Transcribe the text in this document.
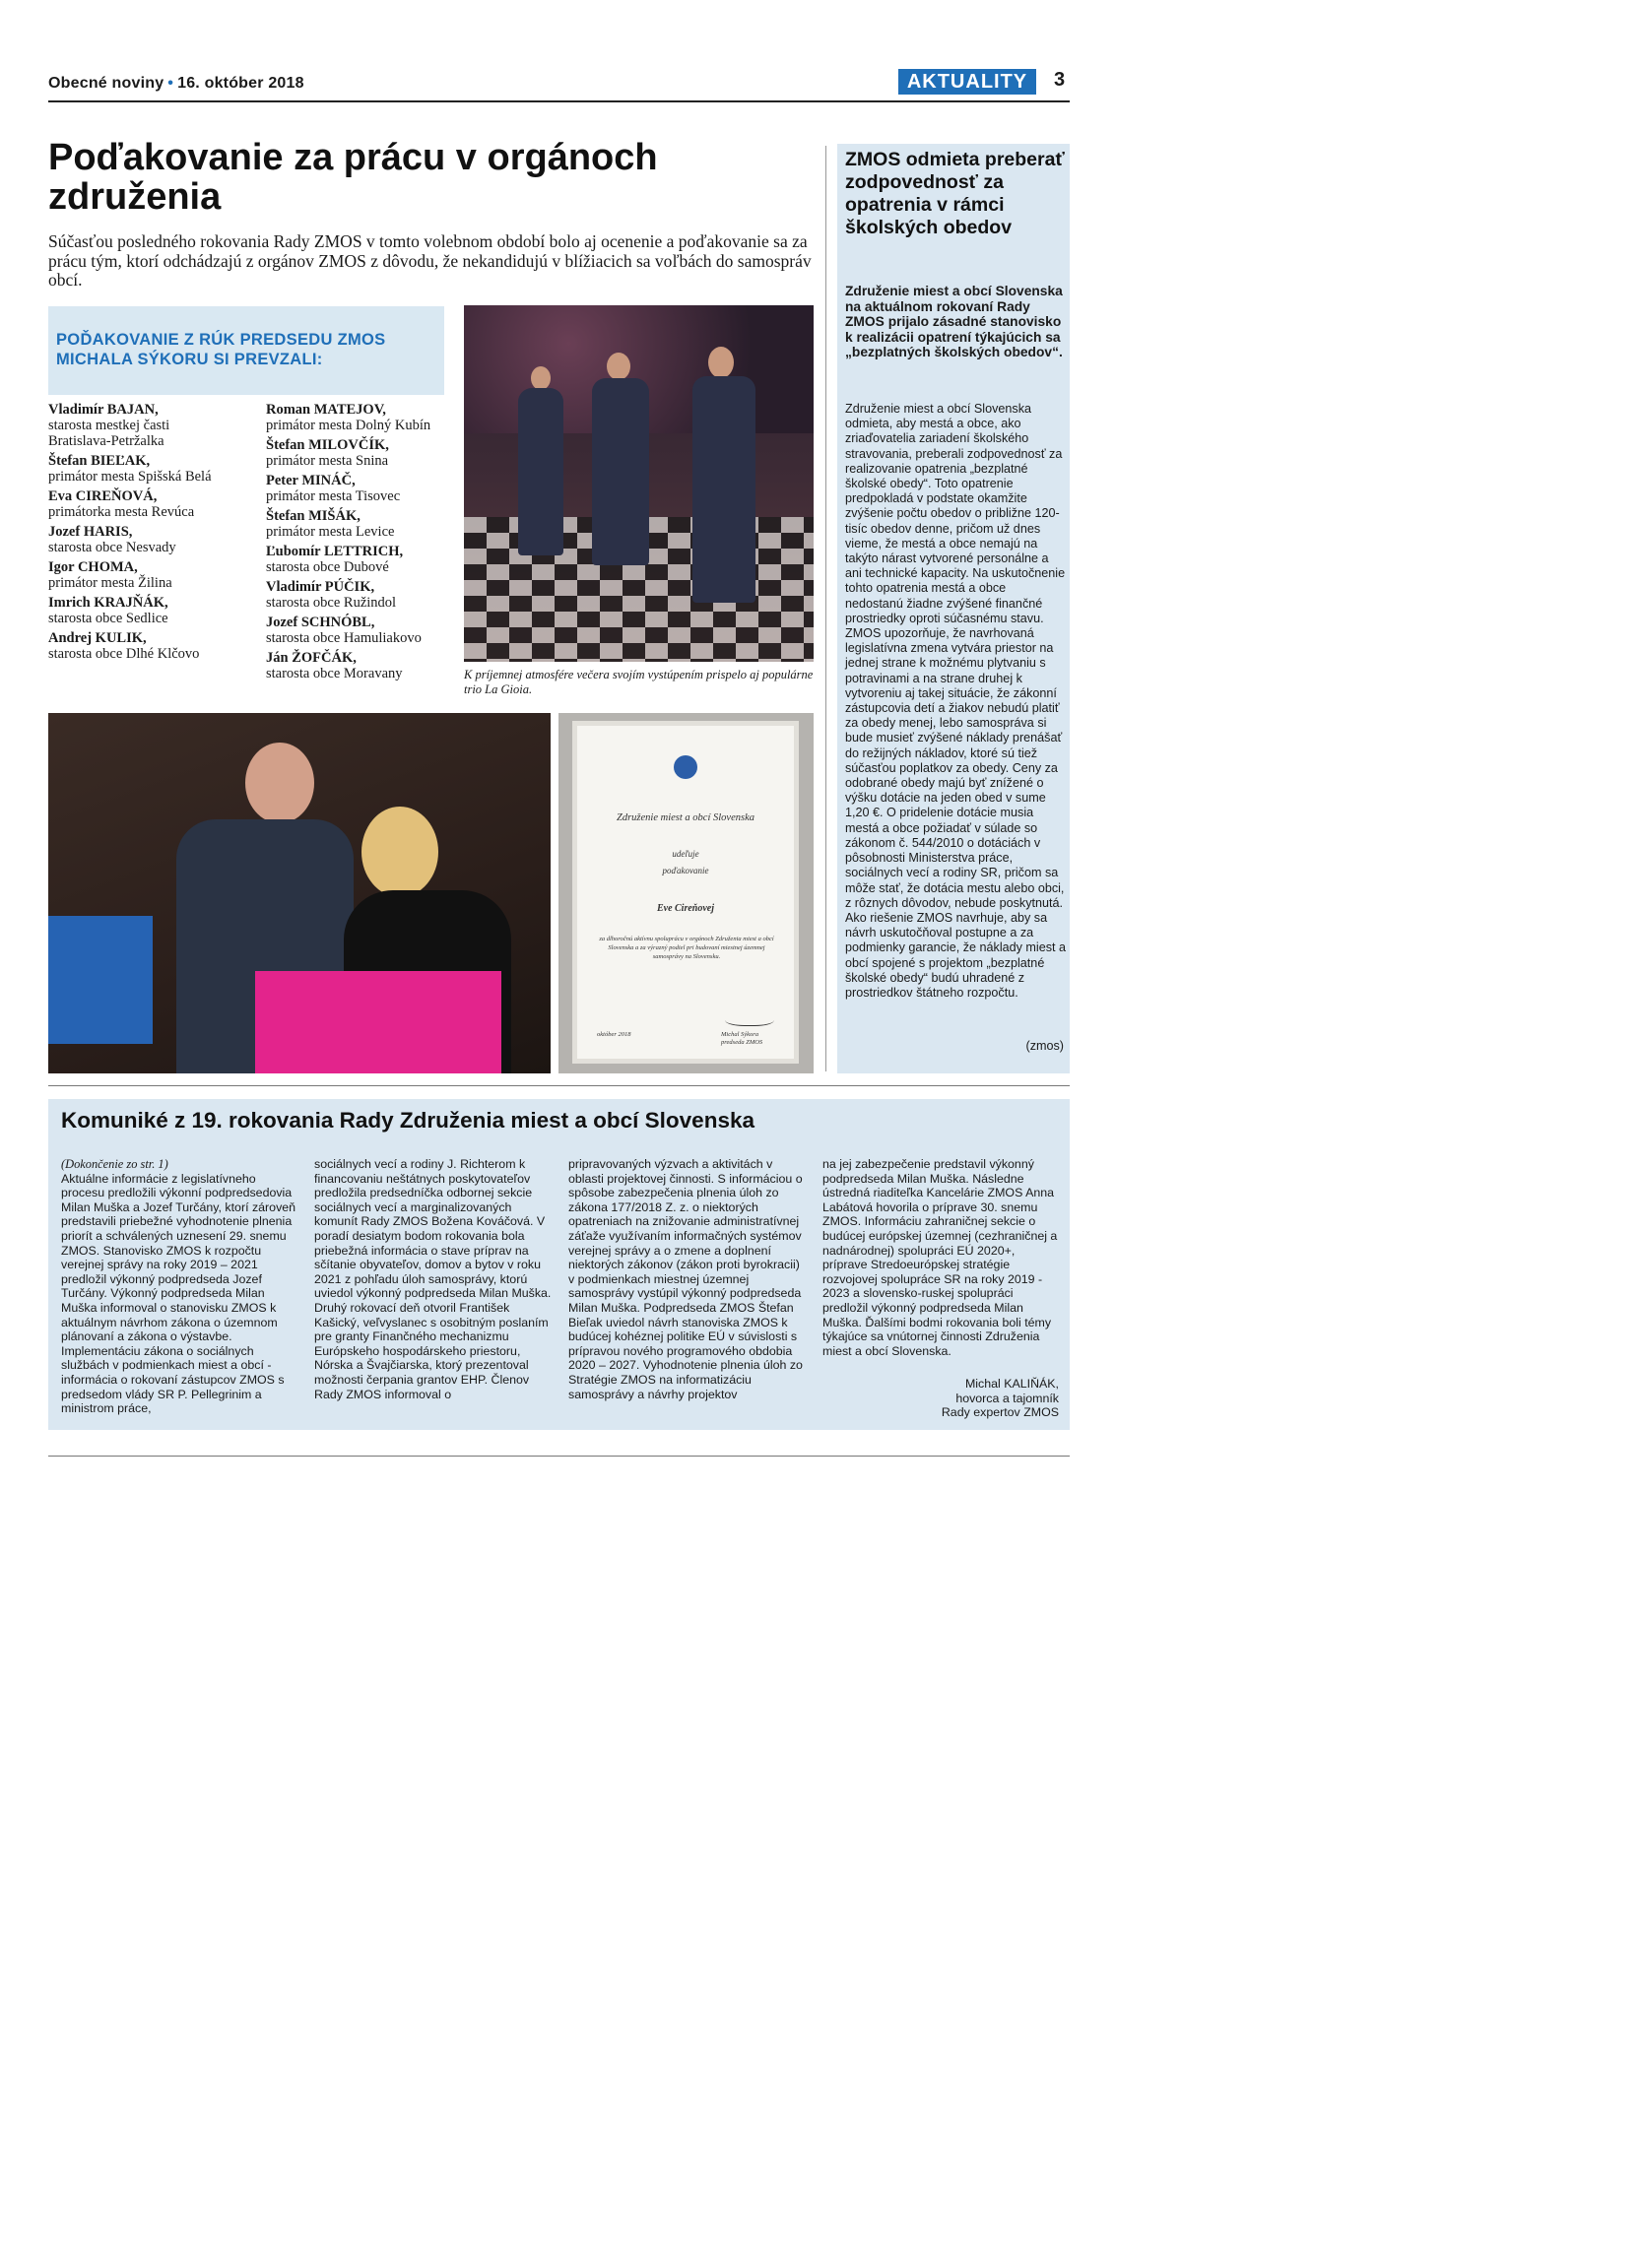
Obecné noviny • 16. október 2018	AKTUALITY	3
Poďakovanie za prácu v orgánoch združenia
Súčasťou posledného rokovania Rady ZMOS v tomto volebnom období bolo aj ocenenie a poďakovanie sa za prácu tým, ktorí odchádzajú z orgánov ZMOS z dôvodu, že nekandidujú v blížiacich sa voľbách do samospráv obcí.
POĎAKOVANIE Z RÚK PREDSEDU ZMOS
MICHALA SÝKORU SI PREVZALI:
Vladimír BAJAN,
starosta mestkej časti Bratislava-Petržalka
Štefan BIEĽAK,
primátor mesta Spišská Belá
Eva CIREŇOVÁ,
primátorka mesta Revúca
Jozef HARIS,
starosta obce Nesvady
Igor CHOMA,
primátor mesta Žilina
Imrich KRAJŇÁK,
starosta obce Sedlice
Andrej KULIK,
starosta obce Dlhé Klčovo
Roman MATEJOV,
primátor mesta Dolný Kubín
Štefan MILOVČÍK,
primátor mesta Snina
Peter MINÁČ,
primátor mesta Tisovec
Štefan MIŠÁK,
primátor mesta Levice
Ľubomír LETTRICH,
starosta obce Dubové
Vladimír PÚČIK,
starosta obce Ružindol
Jozef SCHNÓBL,
starosta obce Hamuliakovo
Ján ŽOFČÁK,
starosta obce Moravany	K príjemnej atmosfére večera svojím vystúpením prispelo aj populárne trio La Gioia.
Združenie miest a obcí Slovenska
udeľuje
poďakovanie
Eve Cireňovej
za dlhoročnú aktívnu spoluprácu v orgánoch Združenia miest a obcí Slovenska a za výrazný podiel pri budovaní miestnej územnej samosprávy na Slovensku.
október 2018	Michal Sýkora predseda ZMOS
ZMOS odmieta preberať zodpovednosť za opatrenia v rámci školských obedov
Združenie miest a obcí Slovenska na aktuálnom rokovaní Rady ZMOS prijalo zásadné stanovisko k realizácii opatrení týkajúcich sa „bezplatných školských obedov“.
Združenie miest a obcí Slovenska odmieta, aby mestá a obce, ako zriaďovatelia zariadení školského stravovania, preberali zodpovednosť za realizovanie opatrenia „bezplatné školské obedy“. Toto opatrenie predpokladá v podstate okamžite zvýšenie počtu obedov o približne 120-tisíc obedov denne, pričom už dnes vieme, že mestá a obce nemajú na takýto nárast vytvorené personálne a ani technické kapacity. Na uskutočnenie tohto opatrenia mestá a obce nedostanú žiadne zvýšené finančné prostriedky oproti súčasnému stavu. ZMOS upozorňuje, že navrhovaná legislatívna zmena vytvára priestor na jednej strane k možnému plytvaniu s potravinami a na strane druhej k vytvoreniu aj takej situácie, že zákonní zástupcovia detí a žiakov nebudú platiť za obedy menej, lebo samospráva si bude musieť zvýšené náklady prenášať do režijných nákladov, ktoré sú tiež súčasťou poplatkov za obedy. Ceny za odobrané obedy majú byť znížené o výšku dotácie na jeden obed v sume 1,20 €. O pridelenie dotácie musia mestá a obce požiadať v súlade so zákonom č. 544/2010 o dotáciách v pôsobnosti Ministerstva práce, sociálnych vecí a rodiny SR, pričom sa môže stať, že dotácia mestu alebo obci, z rôznych dôvodov, nebude poskytnutá. Ako riešenie ZMOS navrhuje, aby sa návrh uskutočňoval postupne a za podmienky garancie, že náklady miest a obcí spojené s projektom „bezplatné školské obedy“ budú uhradené z prostriedkov štátneho rozpočtu.
(zmos)
Komuniké z 19. rokovania Rady Združenia miest a obcí Slovenska
(Dokončenie zo str. 1)
Aktuálne informácie z legislatívneho procesu predložili výkonní podpredsedovia Milan Muška a Jozef Turčány, ktorí zároveň predstavili priebežné vyhodnotenie plnenia priorít a schválených uznesení 29. snemu ZMOS. Stanovisko ZMOS k rozpočtu verejnej správy na roky 2019 – 2021 predložil výkonný podpredseda Jozef Turčány. Výkonný podpredseda Milan Muška informoval o stanovisku ZMOS k aktuálnym návrhom zákona o územnom plánovaní a zákona o výstavbe. Implementáciu zákona o sociálnych službách v podmienkach miest a obcí - informácia o rokovaní zástupcov ZMOS s predsedom vlády SR P. Pellegrinim a ministrom práce,
sociálnych vecí a rodiny J. Richterom k financovaniu neštátnych poskytovateľov predložila predsedníčka odbornej sekcie sociálnych vecí a marginalizovaných komunít Rady ZMOS Božena Kováčová. V poradí desiatym bodom rokovania bola priebežná informácia o stave príprav na sčítanie obyvateľov, domov a bytov v roku 2021 z pohľadu úloh samosprávy, ktorú uviedol výkonný podpredseda Milan Muška. Druhý rokovací deň otvoril František Kašický, veľvyslanec s osobitným poslaním pre granty Finančného mechanizmu Európskeho hospodárskeho priestoru, Nórska a Švajčiarska, ktorý prezentoval možnosti čerpania grantov EHP. Členov Rady ZMOS informoval o
pripravovaných výzvach a aktivitách v oblasti projektovej činnosti. S informáciou o spôsobe zabezpečenia plnenia úloh zo zákona 177/2018 Z. z. o niektorých opatreniach na znižovanie administratívnej záťaže využívaním informačných systémov verejnej správy a o zmene a doplnení niektorých zákonov (zákon proti byrokracii) v podmienkach miestnej územnej samosprávy vystúpil výkonný podpredseda Milan Muška. Podpredseda ZMOS Štefan Bieľak uviedol návrh stanoviska ZMOS k budúcej kohéznej politike EÚ v súvislosti s prípravou nového programového obdobia 2020 – 2027. Vyhodnotenie plnenia úloh zo Stratégie ZMOS na informatizáciu samosprávy a návrhy projektov
na jej zabezpečenie predstavil výkonný podpredseda Milan Muška. Následne ústredná riaditeľka Kancelárie ZMOS Anna Labátová hovorila o príprave 30. snemu ZMOS. Informáciu zahraničnej sekcie o budúcej európskej územnej (cezhraničnej a nadnárodnej) spolupráci EÚ 2020+, príprave Stredoeurópskej stratégie rozvojovej spolupráce SR na roky 2019 - 2023 a slovensko-ruskej spolupráci predložil výkonný podpredseda Milan Muška. Ďalšími bodmi rokovania boli témy týkajúce sa vnútornej činnosti Združenia miest a obcí Slovenska.
Michal KALIŇÁK,
hovorca a tajomník
Rady expertov ZMOS
